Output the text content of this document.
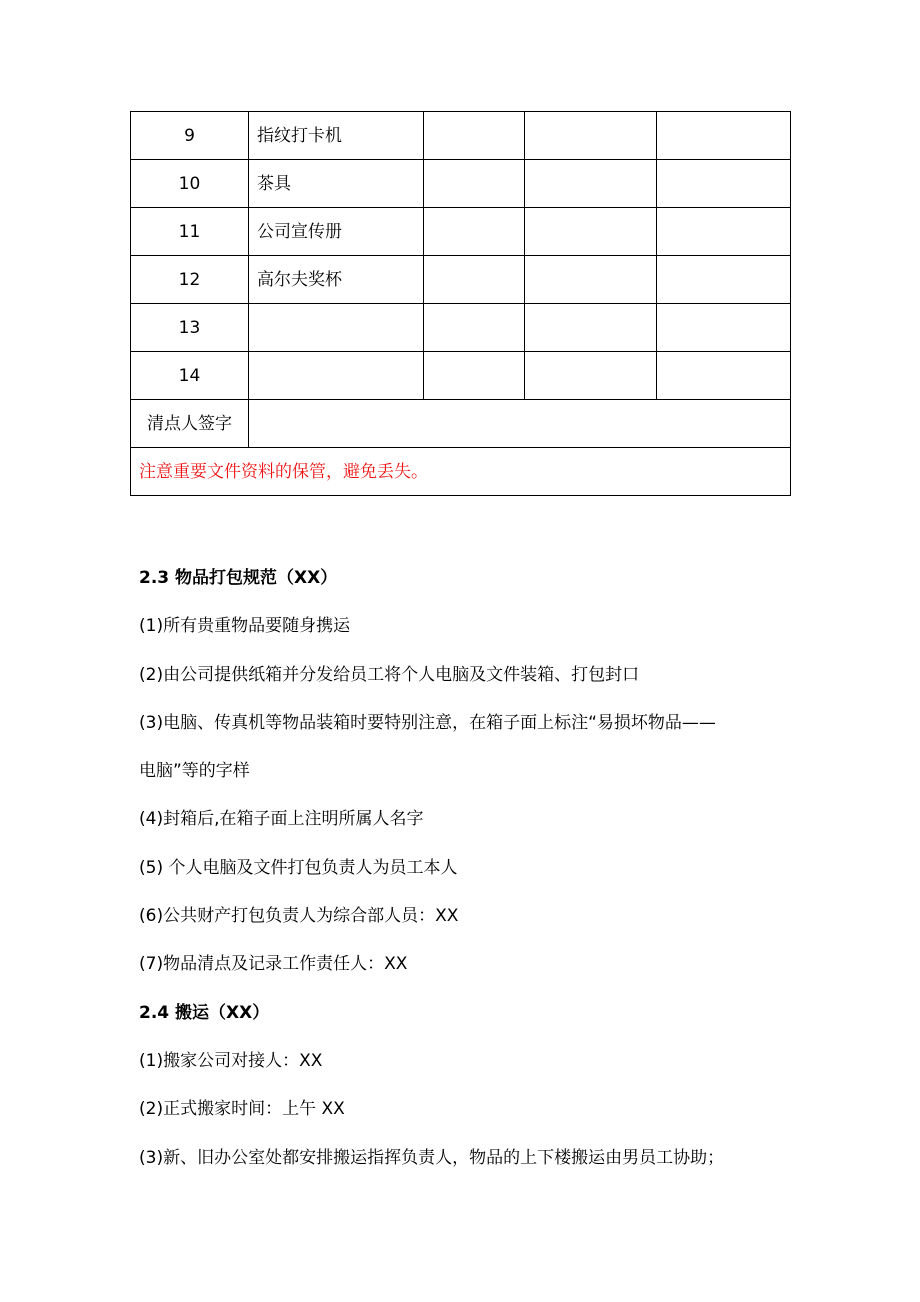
9	指纹打卡机			
10	茶具			
11	公司宣传册			
12	高尔夫奖杯			
13				
14				
清点人签字				
注意重要文件资料的保管，避免丢失。				

2.3 物品打包规范（XX）

(1)所有贵重物品要随身携运

(2)由公司提供纸箱并分发给员工将个人电脑及文件装箱、打包封口

(3)电脑、传真机等物品装箱时要特别注意，在箱子面上标注“易损坏物品——

电脑”等的字样

(4)封箱后,在箱子面上注明所属人名字

(5) 个人电脑及文件打包负责人为员工本人

(6)公共财产打包负责人为综合部人员：XX

(7)物品清点及记录工作责任人：XX

2.4 搬运（XX）

(1)搬家公司对接人：XX

(2)正式搬家时间：上午 XX

(3)新、旧办公室处都安排搬运指挥负责人，物品的上下楼搬运由男员工协助；
